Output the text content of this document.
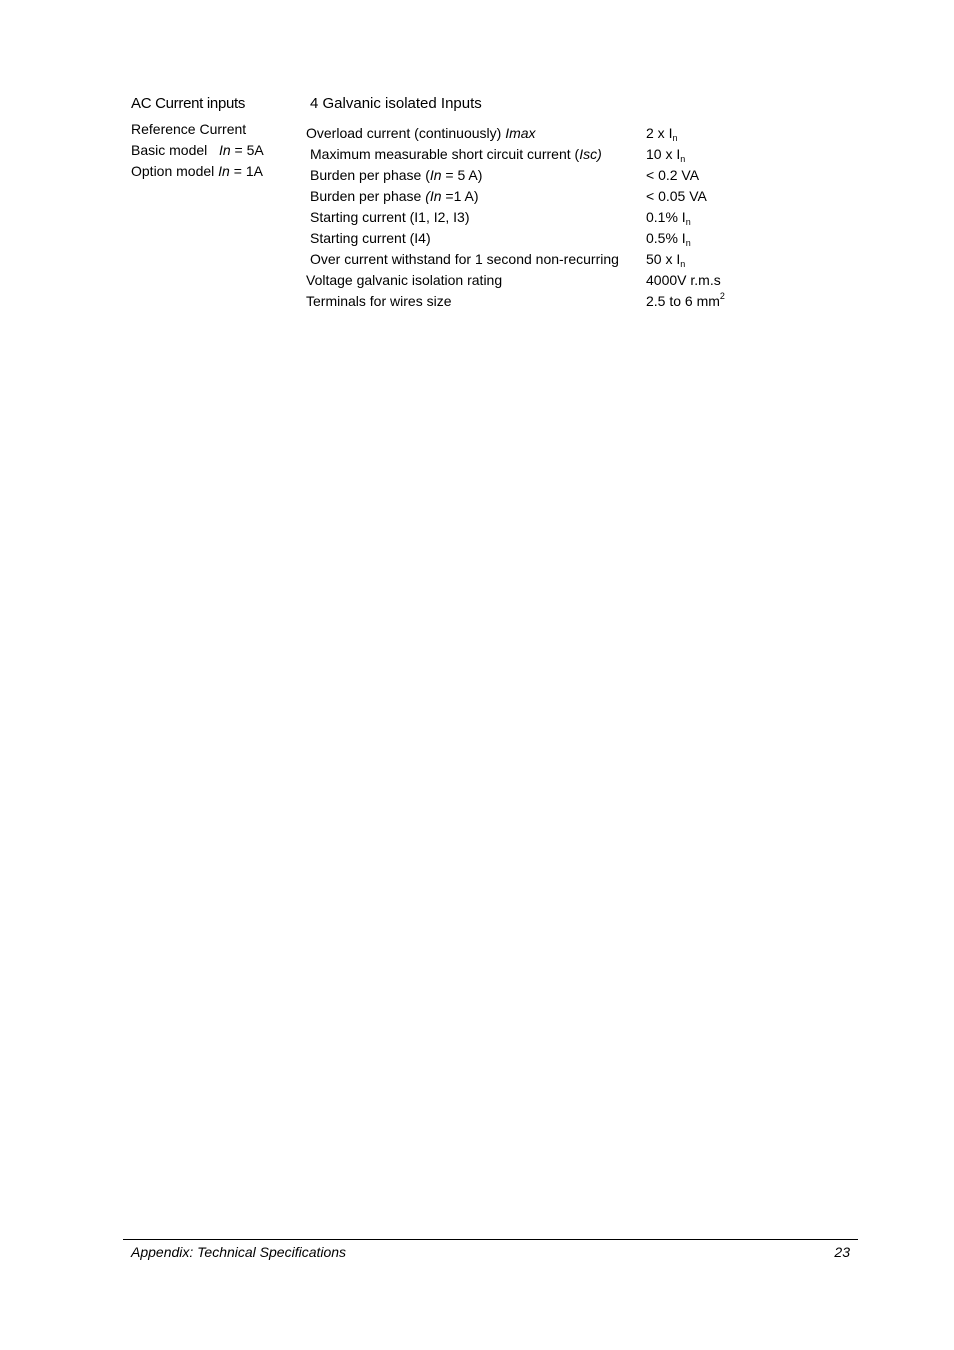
AC Current inputs	4 Galvanic isolated Inputs
Reference Current
Basic model In = 5A
Option model In = 1A
Overload current (continuously) Imax	2 x $I_n$
Maximum measurable short circuit current (Isc)	10 x $I_n$
Burden per phase (In = 5 A)	< 0.2 VA
Burden per phase (In =1 A)	< 0.05 VA
Starting current (I1, I2, I3)	0.1% $I_n$
Starting current (I4)	0.5% $I_n$
Over current withstand for 1 second non-recurring 50 x $I_n$
Voltage galvanic isolation rating	4000V r.m.s
Terminals for wires size	2.5 to 6 $mm^2$
Appendix: Technical Specifications	23
